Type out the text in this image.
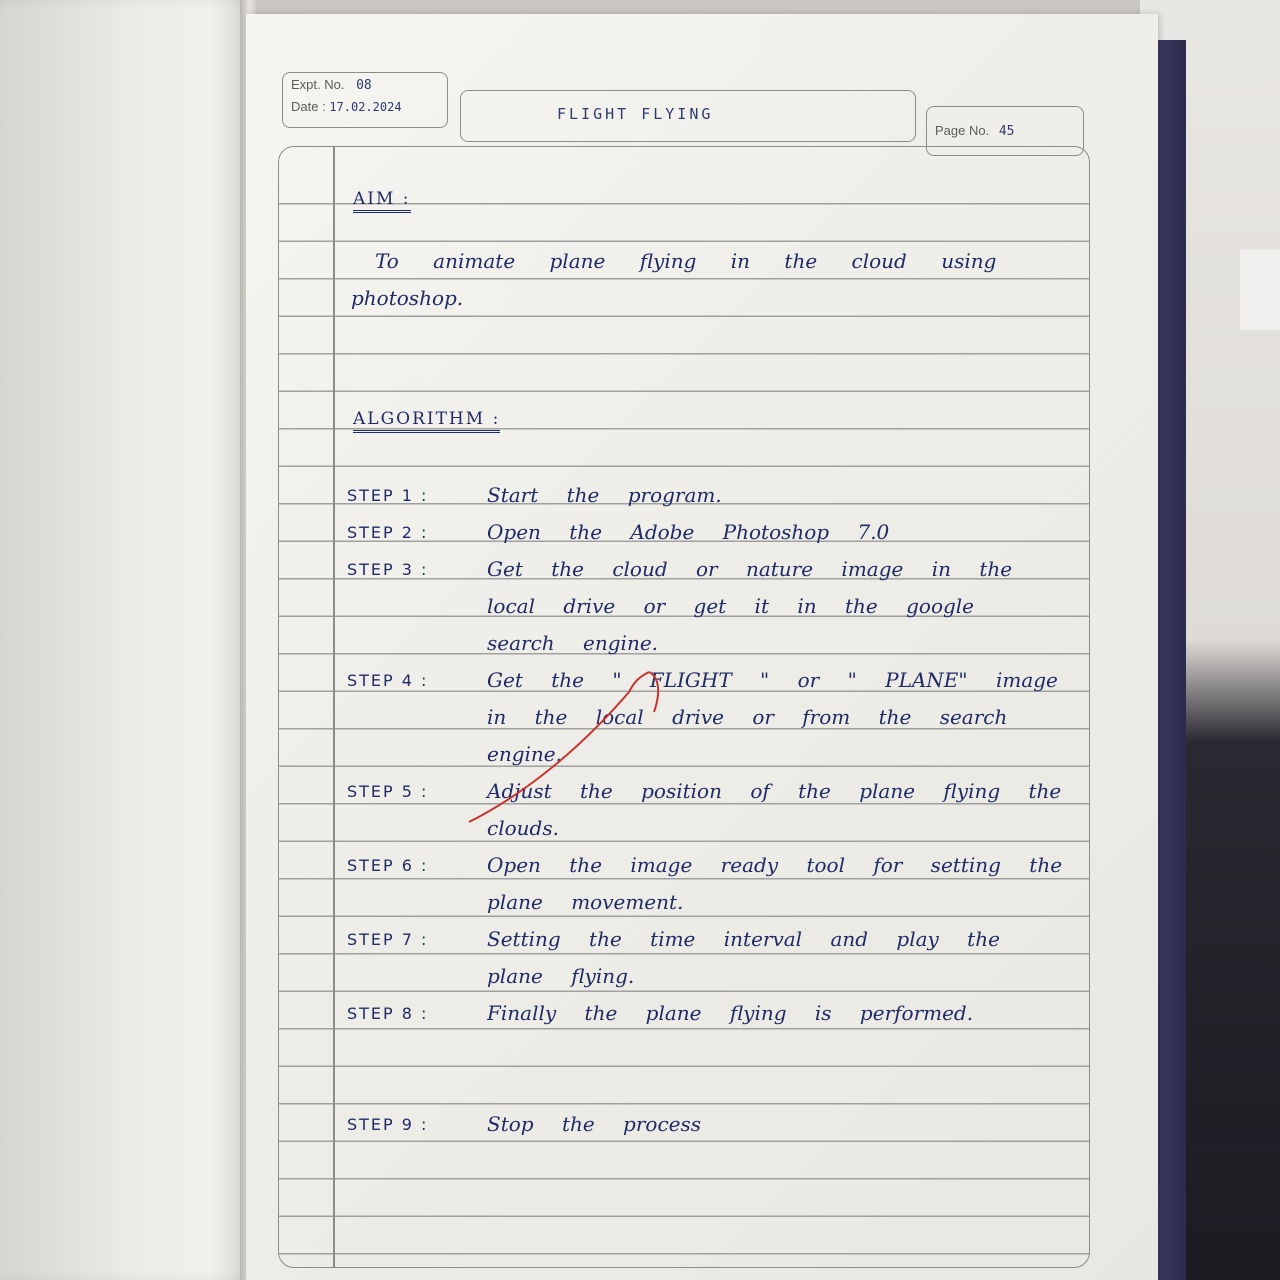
Expt. No. 08
Date : 17.02.2024	FLIGHT FLYING
Page No. 45
AIM :
To animate plane flying in the cloud using photoshop.
ALGORITHM :
STEP 1 :	Start the program.
STEP 2 :	Open the Adobe Photoshop 7.0
STEP 3 :	Get the cloud or nature image in the local drive or get it in the google search engine.
STEP 4 :	Get the " FLIGHT " or " PLANE" image in the local drive or from the search engine.
STEP 5 :	Adjust the position of the plane flying the clouds.
STEP 6 :	Open the image ready tool for setting the plane movement.
STEP 7 :	Setting the time interval and play the plane flying.
STEP 8 :	Finally the plane flying is performed.
STEP 9 :	Stop the process
